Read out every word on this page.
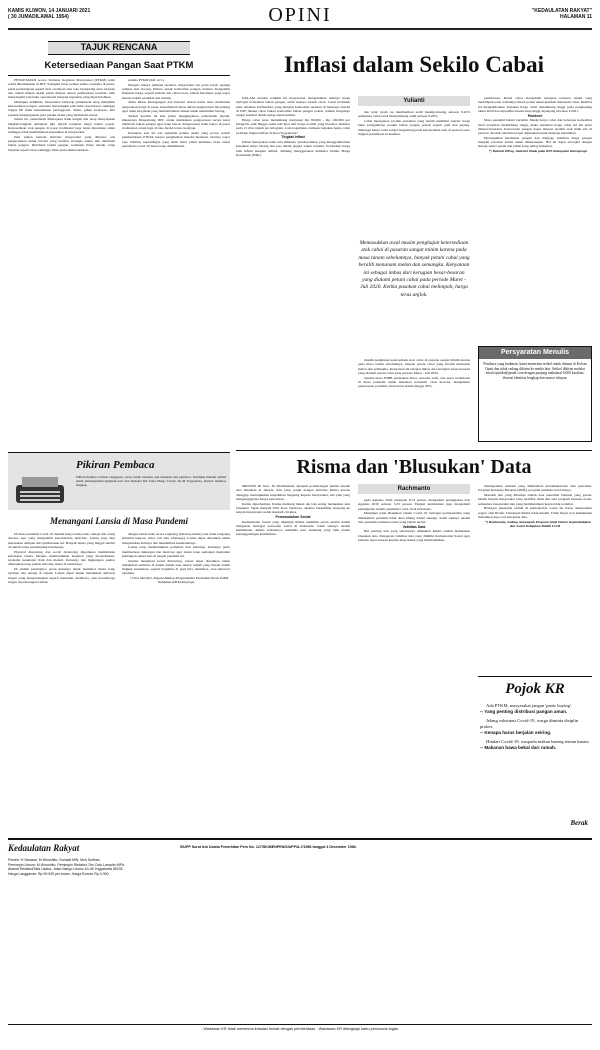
KAMIS KLIWON, 14 JANUARI 2021
( 30 JUMADILAWAL 1954)	OPINI	"KEDAULATAN RAKYAT"
HALAMAN 11
TAJUK RENCANA
Ketersediaan Pangan Saat PTKM

PENGETATAN secara Terbatas Kegiatan Masyarakat (PTKM) telah resmi diberlakukan di DIY. Sebagian besar pelaku usaha, terutama di pusat-pusat perbelanjaan seperti mal, swalayan atau toko berjejaring serta restoran dan rumah makan sudah patuh dengan aturan pembatasan tersebut, baik menyangkut jam buka operasional maupun kapasitas yang diperbolehkan.

Meskipun demikian, masyarakat berharap pemerintah tetap menjamin ketersediaan pangan, terutama menyangkut jam buka operasional, sehingga Satgas PP tidak menemukan pelanggaran. Tentu, pihak swalayan, kita sepakat mengingatkan para pelaku usaha yang mematuhi aturan.

Selain itu, pemerintah diharapkan tidak lengah dan tetap menyiapkan langkah-langkah antisipasi jika terjadi lonjakan harga bahan pokok. Ketersediaan stok pangan di pasar tradisional juga harus dipastikan aman sehingga tidak menimbulkan kepanikan di masyarakat.

Dari sekian banyak aktivitas masyarakat yang dibatasi, ada pengecualian untuk hal-hal yang bersifat strategis antara lain distribusi bahan pangan. Distribusi bahan pangan, termasuk lintas daerah, tetap berjalan seperti biasa sehingga tidak perlu dikhawatirkan.

selama PTKM (KR 12/1).

Dengan adanya jaminan tersebut, masyarakat tak perlu resah, apalagi sampai aksi borong. Bahwa untuk komoditas pangan tertentu mengalami fluktuasi harga, seperti kedelai dan cabai rawit, adalah fenomena yang wajar karena terkait produksi dan musim.

Tentu Dinas Perdagangan dan instansi terkait harus terus memantau pergerakan harga di pasar. Keterlibatan dinas dalam pengawasan ini penting agar tidak ada pihak yang memanfaatkan situasi untuk menimbun barang.

Terkait kondisi ini kita justru mengingatkan pemerintah daerah, khususnya Disperindag DIY, untuk melakukan pengawasan secara ketat distribusi bahan pangan agar tetap lancar. Pengawasan tidak hanya di pasar tradisional, tetapi juga di toko modern dan swalayan.

Kalaupun saat ini ada sejumlah pelaku usaha yang protes terkait pemberlakuan PTKM, karena penghasilan mereka menurun, kiranya wajar saja. Namun, kepentingan yang lebih besar yakni memutus mata rantai penularan Covid-19 harus tetap didahulukan.

Inflasi dalam Sekilo Cabai
Yulianti

DALAM sebulan terakhir ini masyarakat mengeluhkan naiknya harga berbagai komoditas bahan pangan, salah satunya adalah cabai. Cabai termasuk jenis tanaman hortikultura yang menjadi komoditas andalan di beberapa daerah di DIY. Meski cabai bukan komoditas bahan pangan pokok, namun fungsinya sangat esensial dalam setiap sajian kuliner.

Harga cabai terus melambung menyusul Rp 80.000 - Rp 100.000 per kilogram, naik hingga enam kali lipat dari harga normal yang biasanya berkisar pada 15 ribu rupiah per kilogram. Lalu bagaimana dampak lonjakan harga cabai terhadap tingkat inflasi di Kota Yogyakarta?

Tingkat Inflasi

Inflasi merupakan salah satu indikator perekonomian yang menggambarkan kenaikan harga barang dan jasa dalam jangka waktu tertentu. Perubahan harga baik inflasi maupun deflasi, dihitung menggunakan indikator Indeks Harga Konsumen (IHK).

dan telur ayam ras memberikan andil masing-masing sebesar 0,10% sementara cabai rawit menyumbang andil sebesar 0,06%.

Cabai merupakan produk pertanian yang belum memiliki standar harga baku sebagaimana produk bahan pangan pokok seperti padi dan jagung. Sehingga harga cabai sangat bergantung pada ketersediaan stok di pasaran serta tingkat permintaan konsumen.

Memasukkan awal musim penghujan ketersediaan stok cabai di pasaran sangat minim karena pada masa tanam sebelumnya, banyak petani cabai yang beralih menanam melon dan semangka. Kenyataan ini sebagai imbas dari kerugian besar-besaran yang dialami petani cabai pada periode Maret - Juli 2020. Ketika pasokan cabai melimpah, harga terus anjlok.

musim penghujan ketersediaan stok cabai di pasaran sangat minim karena pada masa tanam sebelumnya, banyak petani cabai yang beralih menanam melon dan semangka. Kenyataan ini sebagai imbas dari kerugian besar-besaran yang dialami petani cabai pada periode Maret - Juli 2020.

Selama masa PSBB penurunan hotel, restoran, kafe, dan pasar tradisional di masa pandemi untuk menekan transmisi virus Korona, menjadikan penyerapan produksi cabai turun drastis hingga 90%.

permintaan. Petani cabai mengalami kerugian ternyata dalam yang berdampak pada rendahnya minat petani untuk kembali menanam cabai. Realitas ini mengakibatkan lonjakan harga cabai melambung tinggi pada penghujung tahun 2020 dan diprediksi masih tetap tinggi sepanjang triwulan I-2021.

Pandemi

Masa pandemi belum berakhir. Meski harga cabai dan beberapa komoditas hasil pertanian melambung tinggi, maka kenaikan harga cabai ini tak perlu dibesar-besarkan. Kerawanan pangan dapat muncul apabila stok tidak ada di pasaran. Produk substitusi dapat digunakan untuk menjaga kebutuhan.

Mewujudkan ketahanan pangan dan menjaga stabilitas harga pangan menjadi prioritas utama untuk dilaksanakan. Hal ini dapat terwujud dengan sinergi antara petani dan pihak yang saling berkaitan.

*) Yulianti MEng. Statistisi Muda pada BPS Kabupaten Kulonprogo

Persyaratan Menulis
Pembaca yang budiman, kami menerima artikel untuk dimuat di Kolom Opini dan tidak sedang dikirim ke media lain. Artikel dikirim melalui email opinikr@gmail.com dengan panjang maksimal 6.000 karakter, disertai identitas lengkap dan nomor telepon.
Pikiran Pembaca
Pikiran Pembaca tulisan tanggapan, saran, kritik, keluhan, dan masukan dari pembaca. Kirimkan melalui alamat email pikiranpembaca@gmail.com atau Redaksi KR Jalan Margo Utomo 40-46 Yogyakarta, disertai identitas lengkap.
Menangani Lansia di Masa Pandemi

DI masa pandemi Covid-19, hukum hanya enak-enak, remaja dan orang dewasa saja yang mengalami keterbatasan aktivitas. Lansia juga ikut merasakan dampak dari pembatasan ini. Banyak lansia yang tinggal sendiri di rumah tanpa pendampingan keluarga.

Physical distancing dan social distancing diperlukan memikirkan kelompok lansia. Mereka membutuhkan kegiatan yang menyehatkan, terutama kesehatan fisik dan mental. Keluarga dan lingkungan sekitar diharapkan tetap peduli terhadap lansia di sekitarnya.

Di sinilah pentingnya peran keluarga untuk membuat lansia tetap nyaman dan tenang di rumah. Lansia dapat diajak melakukan aktivitas ringan yang menyenangkan seperti berkebun, membaca, atau berolahraga ringan di pekarangan rumah.

dengan lansia baik secara langsung (bertatap muka) atau tidak langsung (melalui telepon, video call atau whatsapp). Lansia dapat diarahkan untuk menjalankan hobinya dan memelihara kesehatannya.

Lansia tetap membutuhkan perhatian dari keluarga. Keluarga perlu memberikan dukungan dan motivasi agar lansia tetap semangat menjalani kehidupan sehari-hari di tengah pandemi ini.

Selama menjalani sosial distancing, lansia dapat diarahkan untuk melakukan aktivitas di dalam rumah atau sekitar rumah yang masuk dalam lingkup keamanan, seperti berjemur di pagi hari, membaca, atau merawat tanaman.

*) Dra Merdiyo, Kepala Bidang Pengendalian Penduduk Dinas P4KB Daldukan KB Kulonprogo

Risma dan 'Blusukan' Data
Rachmanto

MENSOS RI baru, Tri Rismaharini, menjadi perbincangan publik setelah aksi blusukan di Jakarta. Ada yang setuju dengan aktivitas Risma karena dianggap menunjukkan kepedulian langsung kepada masyarakat, ada pula yang menganggapnya hanya pencitraan.

Ketika diperhatikan, Risma memang bukan tak lain sering melakukan aksi blusukan. Sejak menjadi Wali Kota Surabaya, aksinya berkeliling langsung ke tengah masyarakat sudah menjadi ciri khas.

Permasalahan Sosial

Kementerian Sosial yang dipimpin Risma memiliki peran sentral dalam mengatasi berbagai persoalan sosial di Indonesia. Salah satunya adalah kemiskinan. Risma sebenarnya memiliki latar belakang yang baik dalam penanggulangan kemiskinan.

pada Agustus 2020 sebanyak 8,74 persen, mengalami peningkatan dari Agustus 2019 sebesar 5,23 persen. Tingkat kemiskinan juga mengalami peningkatan selama pandemi Covid-19 di Indonesia.

Meskipun telah dilakukan vaksin Covid-19, berbagai permasalahan yang diakibatkan pandemi tidak akan hilang dalam sekejap. Salah satunya adalah data penerima bantuan sosial yang belum akurat.

Validitas Data

Hal penting lain yang seharusnya dilakukan Risma adalah melakukan blusukan data. Mengecek validitas data yang dimiliki Kementerian Sosial agar bantuan tepat sasaran kepada masyarakat yang membutuhkan.

mendapatkan bantuan yang diakibatkan ketidakakuratan data penerima. Program Keluarga Harapan (PKH), program sembako dan lainnya.

Masalah lain yang dihadapi adalah data penerima bantuan yang ganda. Masih banyak masyarakat yang terdaftar lebih dari satu program bantuan sosial, sementara masyarakat lain yang membutuhkan justru tidak terdaftar.

Berbagai pekerjaan rumah di kementerian sosial ini harus diselesaikan segera oleh Risma. Tantangan Risma tidak mudah. Tidak hanya soal kemiskinan melainkan juga soal ketepatan data.

*) Rachmanto, Sedang menempuh Program Studi Doktor Kependudukan dan Sosial Kebijakan Politik UGM

Pojok KR
Ada PTKM, masyarakat jangan 'panic buying'.
-- Yang penting distribusi pangan aman.
Jelang vaksinasi Covid-19, warga diminta disiplin prokes.
-- Kenapa harus berjalan seiring.
Hindari Covid-19, waspada makan bareng teman kantor.
-- Makanan bawa bekal dari rumah.
Berak
Kedaulatan Rakyat	SIUPP Surat Izin Usaha Penerbitan Pers No. 127/SK/MENPEN/SIUPP/A.7/1986 tanggal 4 Desember 1986.
Pendiri: H Samawi, M Wonohito, Sumadi MW, Moh Sulthan
Pemimpin Umum: M Wonohito. Pemimpin Redaksi: Drs Octo Lampito MPd.
Alamat Redaksi/Tata Usaha: Jalan Margo Utomo 40-46 Yogyakarta 55232.
Harga Langganan: Rp 99.000 per bulan. Harga Eceran Rp 4.000.
- Wartawan KR tidak menerima imbalan terkait dengan pemberitaan - Wartawan KR dilengkapi kartu pers/surat tugas.
